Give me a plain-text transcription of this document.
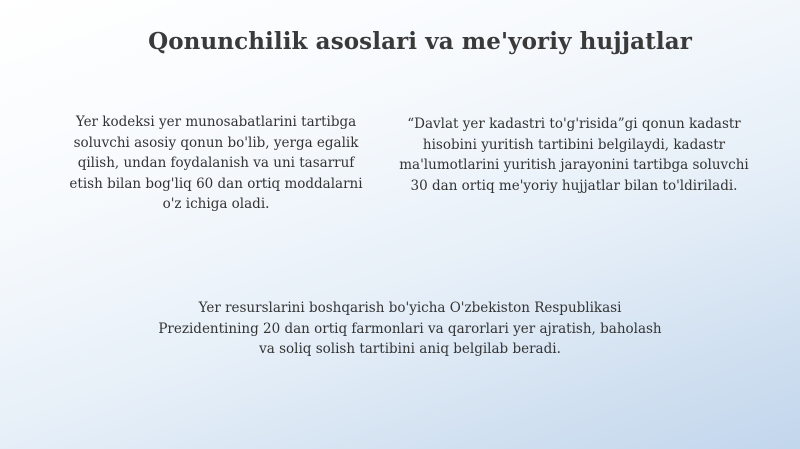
Qonunchilik asoslari va me'yoriy hujjatlar

Yer kodeksi yer munosabatlarini tartibga soluvchi asosiy qonun bo'lib, yerga egalik qilish, undan foydalanish va uni tasarruf etish bilan bog'liq 60 dan ortiq moddalarni o'z ichiga oladi.

“Davlat yer kadastri to'g'risida”gi qonun kadastr hisobini yuritish tartibini belgilaydi, kadastr ma'lumotlarini yuritish jarayonini tartibga soluvchi 30 dan ortiq me'yoriy hujjatlar bilan to'ldiriladi.

Yer resurslarini boshqarish bo'yicha O'zbekiston Respublikasi Prezidentining 20 dan ortiq farmonlari va qarorlari yer ajratish, baholash va soliq solish tartibini aniq belgilab beradi.
